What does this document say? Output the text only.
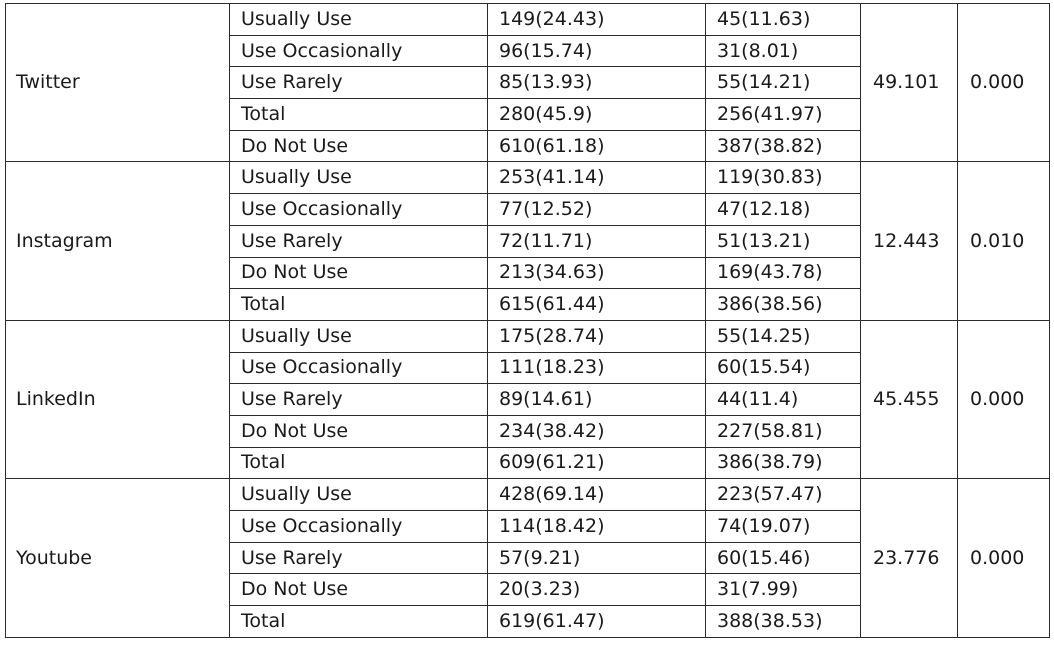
Twitter	Usually Use	149(24.43)	45(11.63)	49.101	0.000
	Use Occasionally	96(15.74)	31(8.01)		
	Use Rarely	85(13.93)	55(14.21)		
	Total	280(45.9)	256(41.97)		
	Do Not Use	610(61.18)	387(38.82)		
Instagram	Usually Use	253(41.14)	119(30.83)	12.443	0.010
	Use Occasionally	77(12.52)	47(12.18)		
	Use Rarely	72(11.71)	51(13.21)		
	Do Not Use	213(34.63)	169(43.78)		
	Total	615(61.44)	386(38.56)		
LinkedIn	Usually Use	175(28.74)	55(14.25)	45.455	0.000
	Use Occasionally	111(18.23)	60(15.54)		
	Use Rarely	89(14.61)	44(11.4)		
	Do Not Use	234(38.42)	227(58.81)		
	Total	609(61.21)	386(38.79)		
Youtube	Usually Use	428(69.14)	223(57.47)	23.776	0.000
	Use Occasionally	114(18.42)	74(19.07)		
	Use Rarely	57(9.21)	60(15.46)		
	Do Not Use	20(3.23)	31(7.99)		
	Total	619(61.47)	388(38.53)		
